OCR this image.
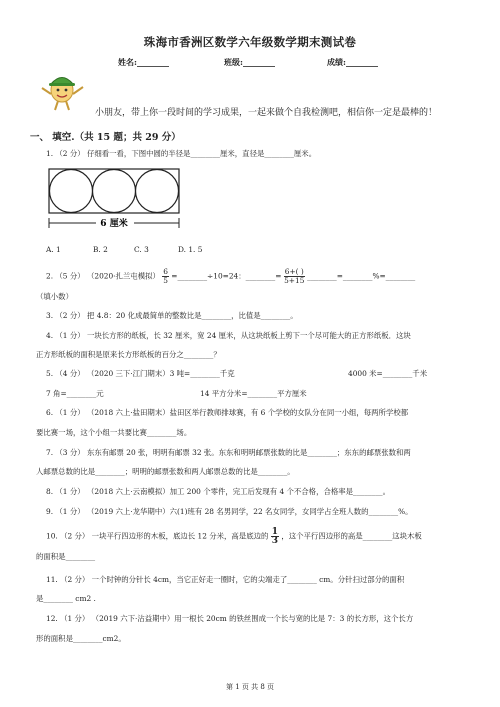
珠海市香洲区数学六年级数学期末测试卷
姓名:________	班级:________	成绩:________
小朋友，带上你一段时间的学习成果，一起来做个自我检测吧，相信你一定是最棒的！
一、 填空.（共 15 题；共 29 分）
1. （2 分） 仔细看一看，下图中圆的半径是________厘米，直径是________厘米。
6 厘米
A. 1	B. 2	C. 3	D. 1. 5
2. （5 分） （2020·扎兰屯模拟） $\frac{6}{5}$ =________÷10=24：________= $\frac{6+( )}{5+15}$ ________=________%=________
（填小数）
3. （2 分） 把 4.8：20 化成最简单的整数比是________，比值是________。
4. （1 分） 一块长方形的纸板，长 32 厘米，宽 24 厘米，从这块纸板上剪下一个尽可能大的正方形纸板．这块
正方形纸板的面积是原来长方形纸板的百分之________？
5. （4 分） （2020 三下·江门期末）3 吨=________千克	4000 米=________千米
7 角=________元	14 平方分米=________平方厘米
6. （1 分） （2018 六上·盐田期末）盐田区举行教师排球赛，有 6 个学校的女队分在同一小组，每两所学校都
要比赛一场，这个小组一共要比赛________场。
7. （3 分） 东东有邮票 20 张，明明有邮票 32 张。东东和明明邮票张数的比是________；东东的邮票张数和两
人邮票总数的比是________；明明的邮票张数和两人邮票总数的比是________。
8. （1 分） （2018 六上·云南模拟）加工 200 个零件，完工后发现有 4 个不合格，合格率是________。
9. （1 分） （2019 六上·龙华期中）六(1)班有 28 名男同学，22 名女同学，女同学占全班人数的________%。
10. （2 分） 一块平行四边形的木板，底边长 12 分米，高是底边的 $\frac{1}{3}$ ，这个平行四边形的高是________这块木板
的面积是________
11. （2 分） 一个时钟的分针长 4cm，当它正好走一圈时，它的尖端走了________ cm。分针扫过部分的面积
是________ cm2 .
12. （1 分） （2019 六下·沾益期中）用一根长 20cm 的铁丝围成一个长与宽的比是 7：3 的长方形，这个长方
形的面积是________cm2。
第 1 页 共 8 页
